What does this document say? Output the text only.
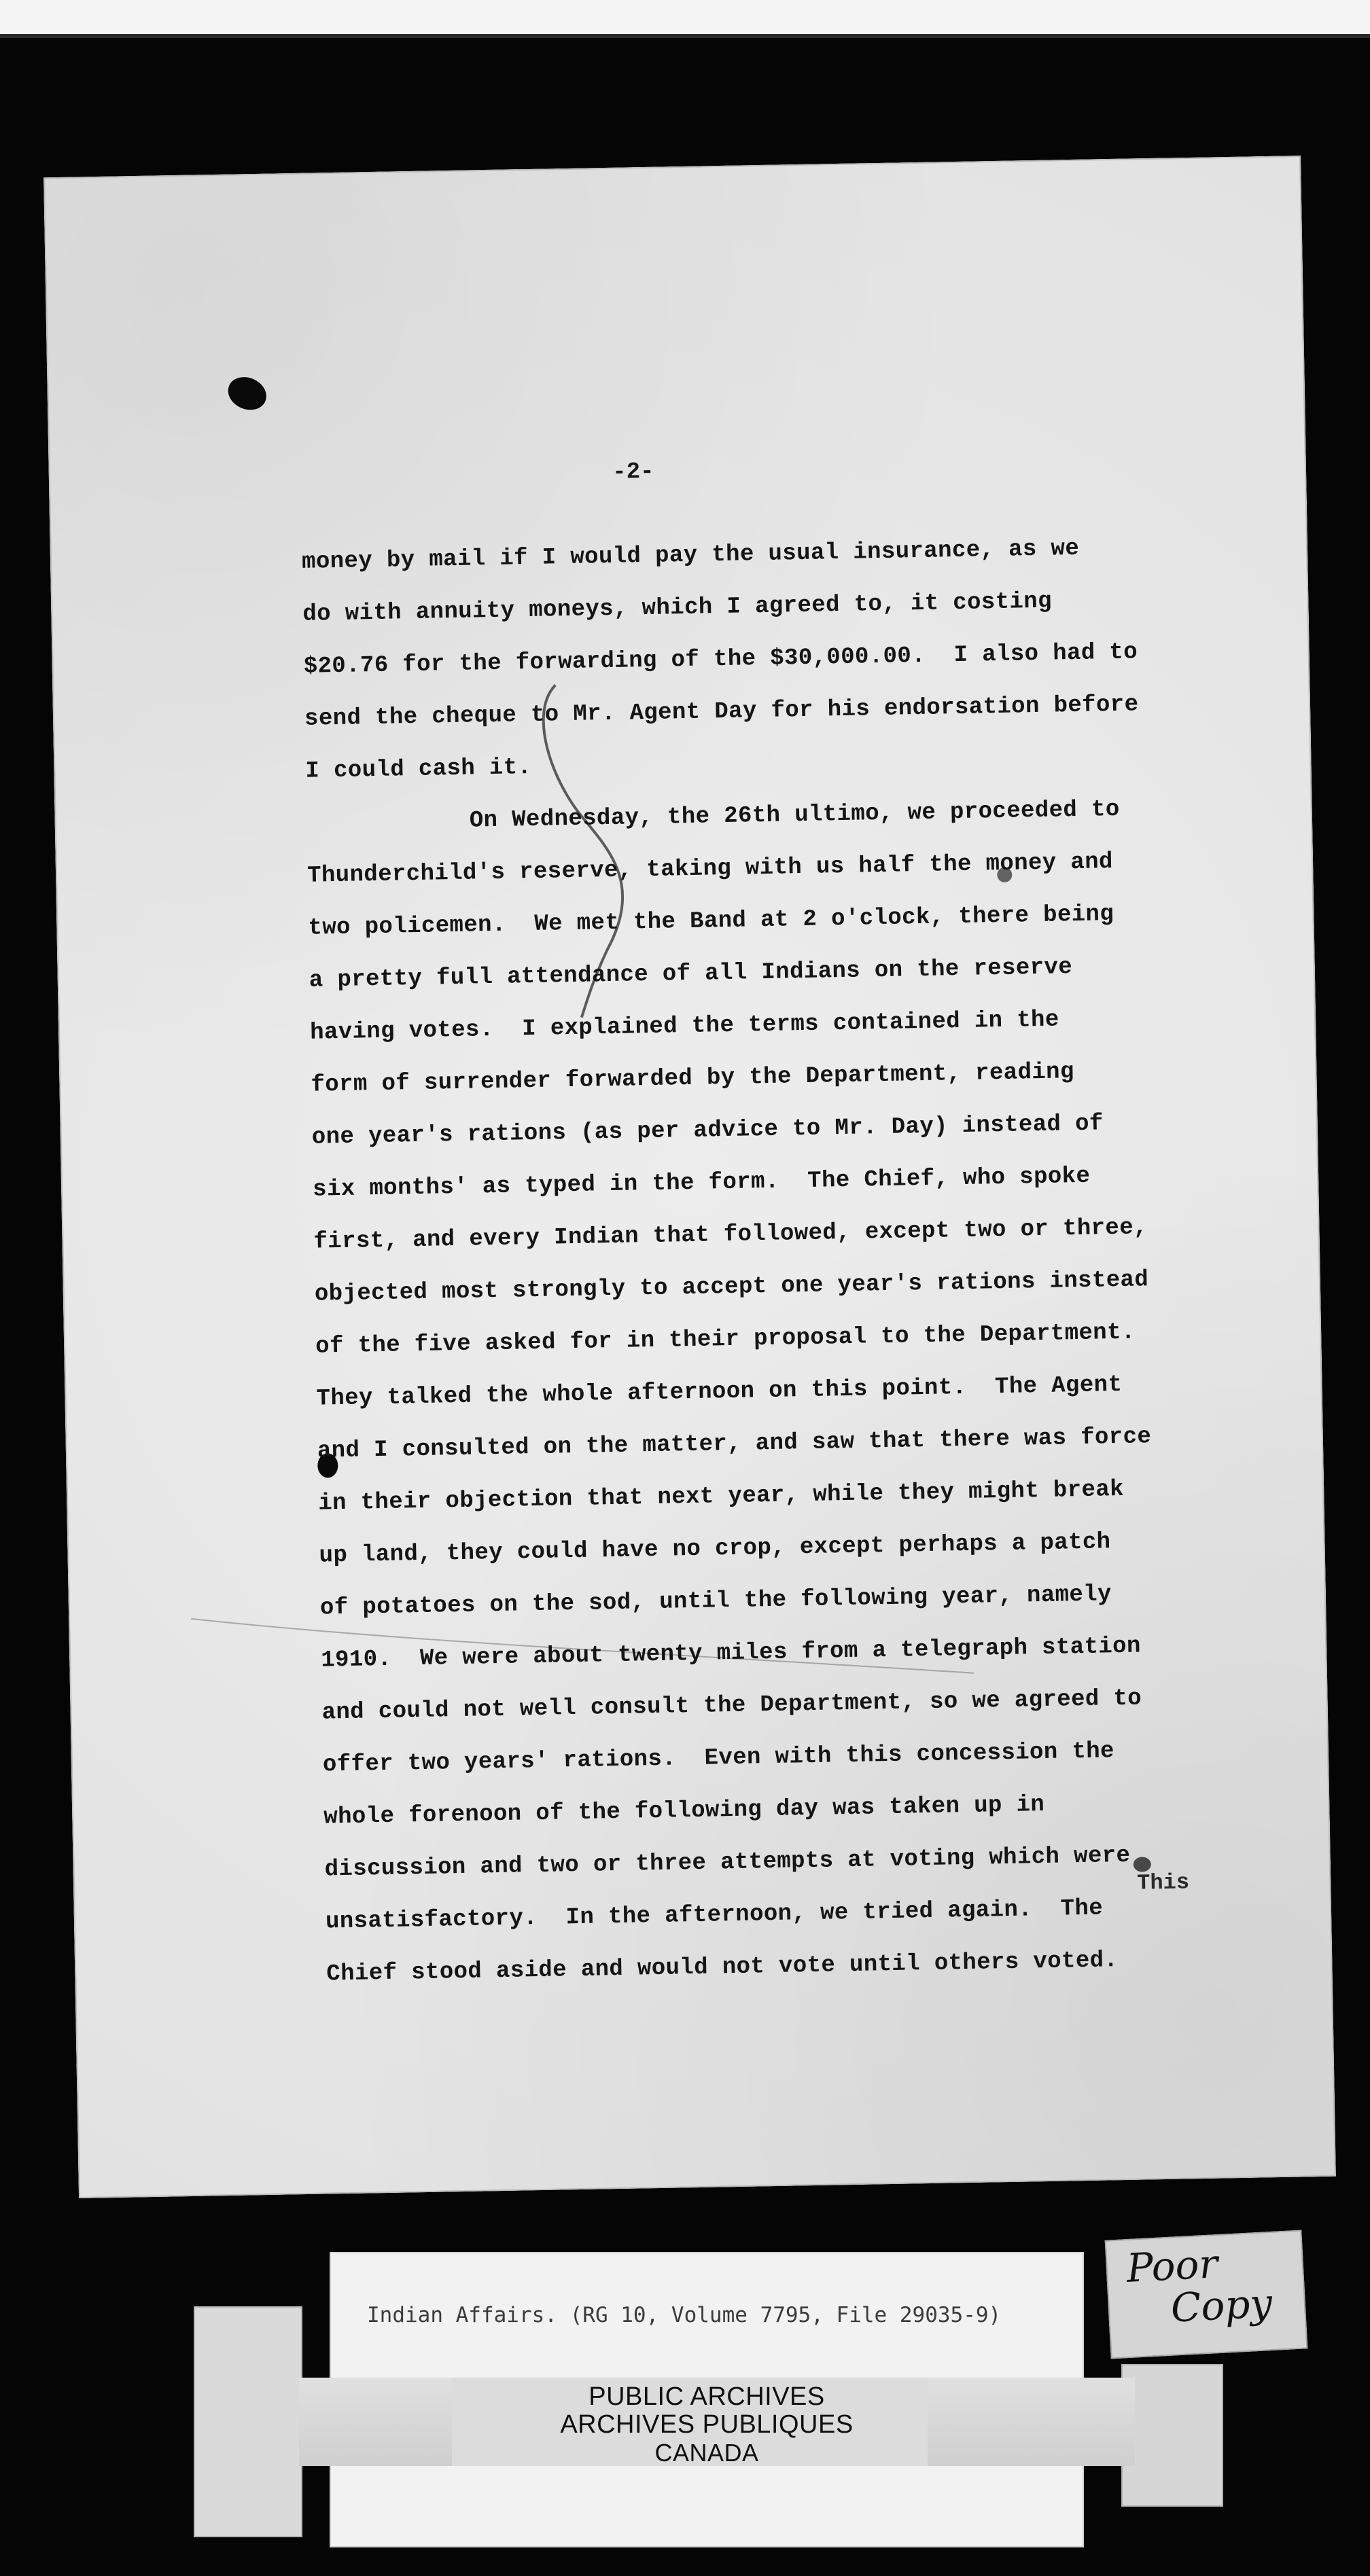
-2-
money by mail if I would pay the usual insurance, as we
do with annuity moneys, which I agreed to, it costing
$20.76 for the forwarding of the $30,000.00.  I also had to
send the cheque to Mr. Agent Day for his endorsation before
I could cash it.
On Wednesday, the 26th ultimo, we proceeded to
Thunderchild's reserve, taking with us half the money and
two policemen.  We met the Band at 2 o'clock, there being
a pretty full attendance of all Indians on the reserve
having votes.  I explained the terms contained in the
form of surrender forwarded by the Department, reading
one year's rations (as per advice to Mr. Day) instead of
six months' as typed in the form.  The Chief, who spoke
first, and every Indian that followed, except two or three,
objected most strongly to accept one year's rations instead
of the five asked for in their proposal to the Department.
They talked the whole afternoon on this point.  The Agent
and I consulted on the matter, and saw that there was force
in their objection that next year, while they might break
up land, they could have no crop, except perhaps a patch
of potatoes on the sod, until the following year, namely
1910.  We were about twenty miles from a telegraph station
and could not well consult the Department, so we agreed to
offer two years' rations.  Even with this concession the
whole forenoon of the following day was taken up in
discussion and two or three attempts at voting which were
unsatisfactory.  In the afternoon, we tried again.  The
Chief stood aside and would not vote until others voted.
This
Indian Affairs. (RG 10, Volume 7795, File 29035-9)
PUBLIC ARCHIVES
ARCHIVES PUBLIQUES
CANADA
Poor
Copy
